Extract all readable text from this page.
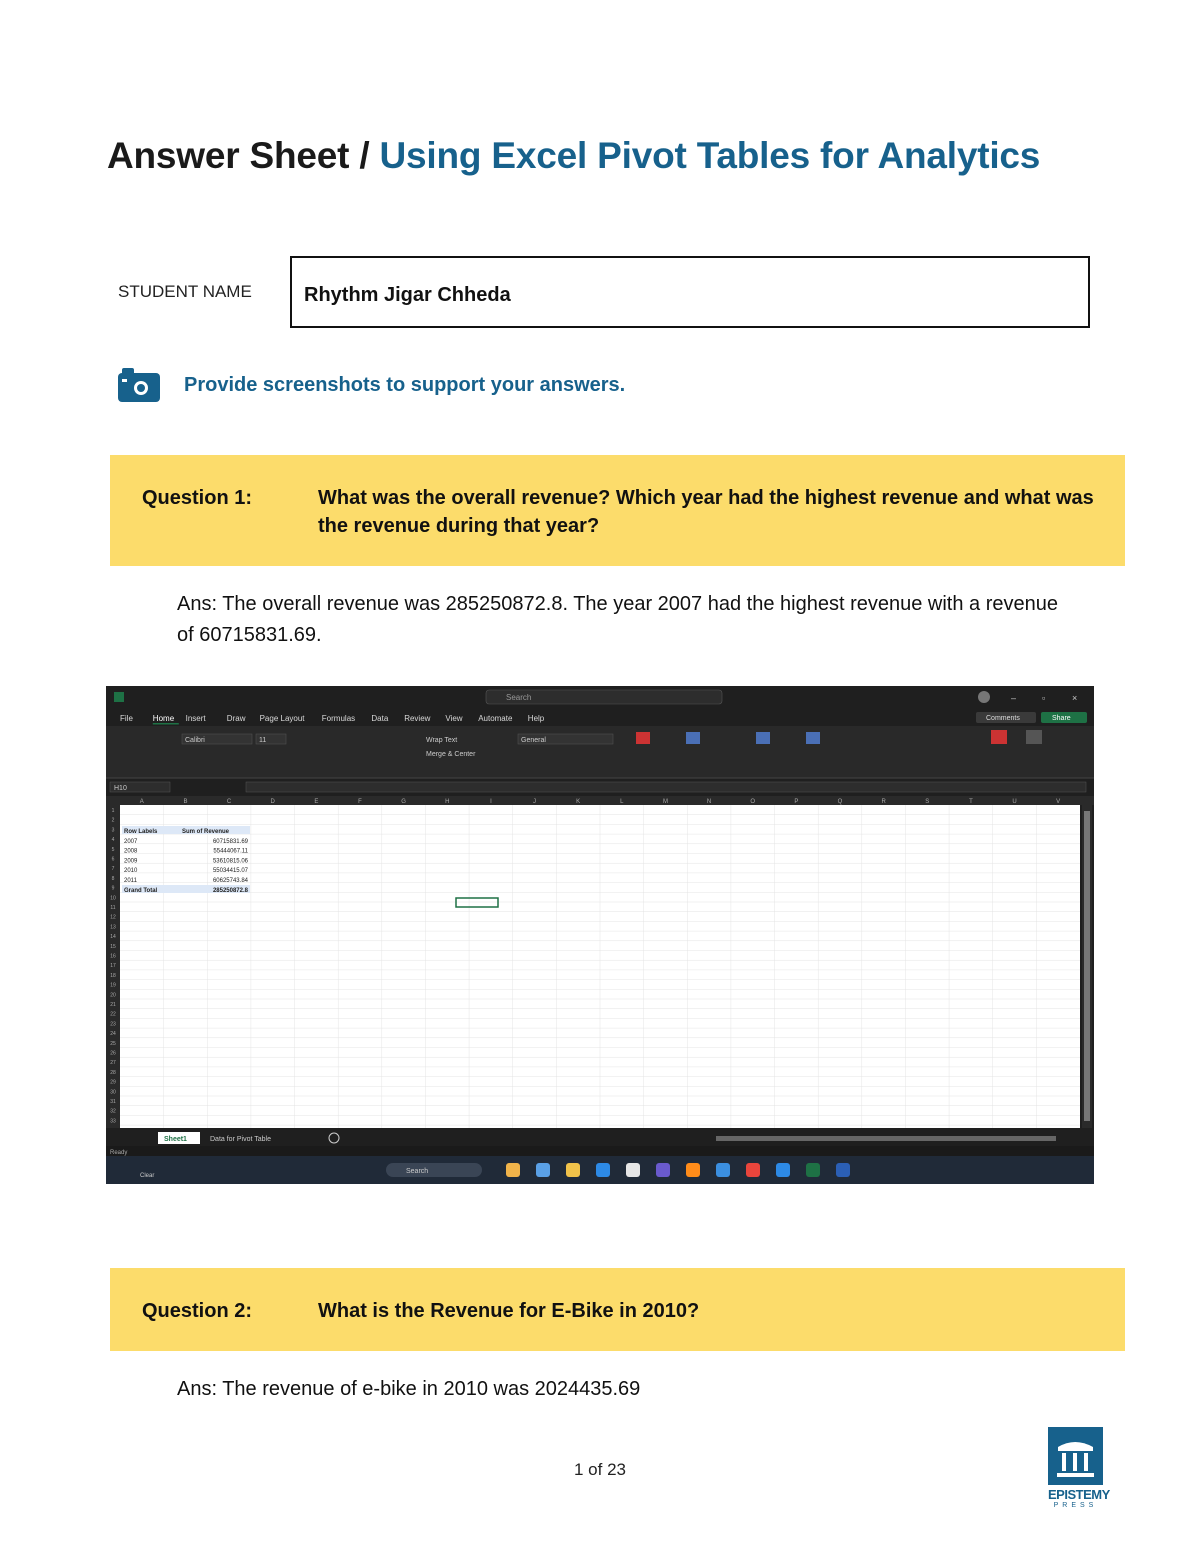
Answer Sheet / Using Excel Pivot Tables for Analytics
STUDENT NAME	Rhythm Jigar Chheda
Provide screenshots to support your answers.
Question 1:	What was the overall revenue? Which year had the highest revenue and what was the revenue during that year?
Ans: The overall revenue was 285250872.8. The year 2007 had the highest revenue with a revenue of 60715831.69.
Search	–	▫	×
File Home Insert	Draw Page Layout Formulas Data Review View Automate Help	Comments	Share
Calibri	11	Wrap Text
Merge & Center
General
H10
A	B	C	D	E	F	G	H	I	J	K	L	M	N	O	P	Q	R	S	T	U	V
1
2
3
4
5
6
7
8
9
10
11
12
13
14
15
16
17
18
19
20
21
22
23
24
25
26
27
28
29
30
31
32
33
Row Labels	Sum of Revenue
2007	60715831.69
2008	55444067.11
2009	53610815.06
2010	55034415.07
2011	60625743.84
Grand Total	285250872.8
Sheet1	Data for Pivot Table
Ready
Clear
Search
Question 2:	What is the Revenue for E-Bike in 2010?
Ans: The revenue of e-bike in 2010 was 2024435.69
1 of 23
EPISTEMY
PRESS
